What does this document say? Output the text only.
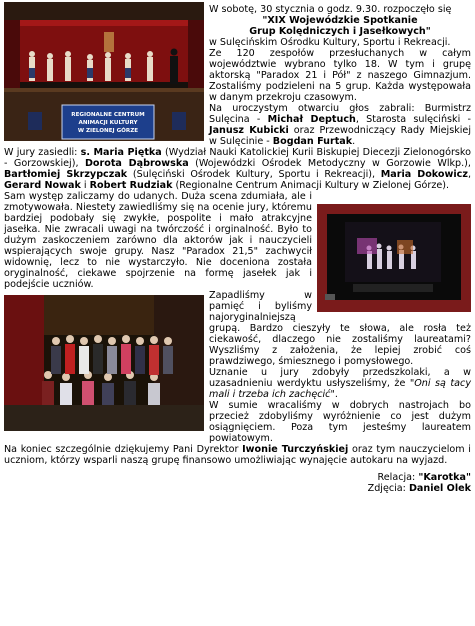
REGIONALNE CENTRUM
ANIMACJI KULTURY
W ZIELONEJ GÓRZE

W sobotę, 30 stycznia o godz. 9.30. rozpoczęło się

"XIX Wojewódzkie Spotkanie
Grup Kolędniczych i Jasełkowych"

w Sulęcińskim Ośrodku Kultury, Sportu i Rekreacji.

Ze 120 zespołów przesłuchanych w całym województwie wybrano tylko 18. W tym i grupę aktorską "Paradox 21 i Pół" z naszego Gimnazjum. Zostaliśmy podzieleni na 5 grup. Każda występowała w danym przekroju czasowym.

Na uroczystym otwarciu głos zabrali: Burmistrz Sulęcina - Michał Deptuch, Starosta sulęciński - Janusz Kubicki oraz Przewodniczący Rady Miejskiej w Sulęcinie - Bogdan Furtak.

W jury zasiedli: s. Maria Piętka (Wydział Nauki Katolickiej Kurii Biskupiej Diecezji Zielonogórsko - Gorzowskiej), Dorota Dąbrowska (Wojewódzki Ośrodek Metodyczny w Gorzowie Wlkp.), Bartłomiej Skrzypczak (Sulęciński Ośrodek Kultury, Sportu i Rekreacji), Maria Dokowicz, Gerard Nowak i Robert Rudziak (Regionalne Centrum Animacji Kultury w Zielonej Górze).

Sam występ zaliczamy do udanych. Duża scena zdumiała, ale i zmotywowała. Niestety zawiedliśmy się na ocenie jury, któremu bardziej podobały się zwykłe, pospolite i mało atrakcyjne jasełka. Nie zwracali uwagi na twórczość i orginalność. Było to dużym zaskoczeniem zarówno dla aktorów jak i nauczycieli wspierających swoje grupy. Nasz "Paradox 21,5" zachwycił widownię, lecz to nie wystarczyło. Nie doceniona została oryginalność, ciekawe spojrzenie na formę jasełek jak i podejście uczniów.

Zapadliśmy w pamięć i byliśmy najoryginalniejszą grupą. Bardzo cieszyły te słowa, ale rosła też ciekawość, dlaczego nie zostaliśmy laureatami? Wyszliśmy z założenia, że lepiej zrobić coś prawdziwego, śmiesznego i pomysłowego.

Uznanie u jury zdobyły przedszkolaki, a w uzasadnieniu werdyktu usłyszeliśmy, że "Oni są tacy mali i trzeba ich zachęcić".

W sumie wracaliśmy w dobrych nastrojach bo przecież zdobyliśmy wyróżnienie co jest dużym osiągnięciem. Poza tym jesteśmy laureatem powiatowym.

Na koniec szczególnie dziękujemy Pani Dyrektor Iwonie Turczyńskiej oraz tym nauczycielom i uczniom, którzy wsparli naszą grupę finansowo umożliwiając wynajęcie autokaru na wyjazd.

Relacja: "Karotka"

Zdjęcia: Daniel Olek
